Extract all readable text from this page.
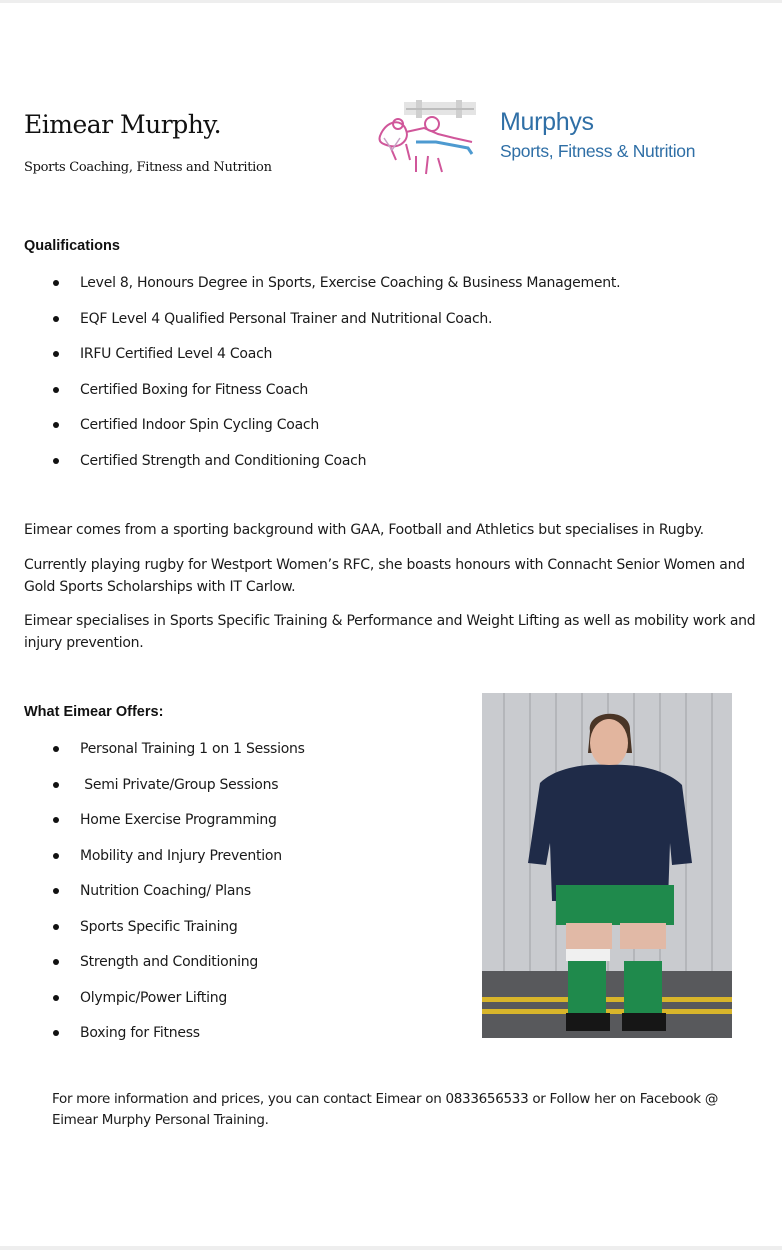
Eimear Murphy.
Sports Coaching, Fitness and Nutrition
Murphys
Sports, Fitness & Nutrition
Qualifications
Level 8, Honours Degree in Sports, Exercise Coaching & Business Management.
EQF Level 4 Qualified Personal Trainer and Nutritional Coach.
IRFU Certified Level 4 Coach
Certified Boxing for Fitness Coach
Certified Indoor Spin Cycling Coach
Certified Strength and Conditioning Coach

Eimear comes from a sporting background with GAA, Football and Athletics but specialises in Rugby.

Currently playing rugby for Westport Women’s RFC, she boasts honours with Connacht Senior Women and Gold Sports Scholarships with IT Carlow.

Eimear specialises in Sports Specific Training & Performance and Weight Lifting as well as mobility work and injury prevention.

What Eimear Offers:
Personal Training 1 on 1 Sessions
Semi Private/Group Sessions
Home Exercise Programming
Mobility and Injury Prevention
Nutrition Coaching/ Plans
Sports Specific Training
Strength and Conditioning
Olympic/Power Lifting
Boxing for Fitness

For more information and prices, you can contact Eimear on 0833656533 or Follow her on Facebook @ Eimear Murphy Personal Training.
